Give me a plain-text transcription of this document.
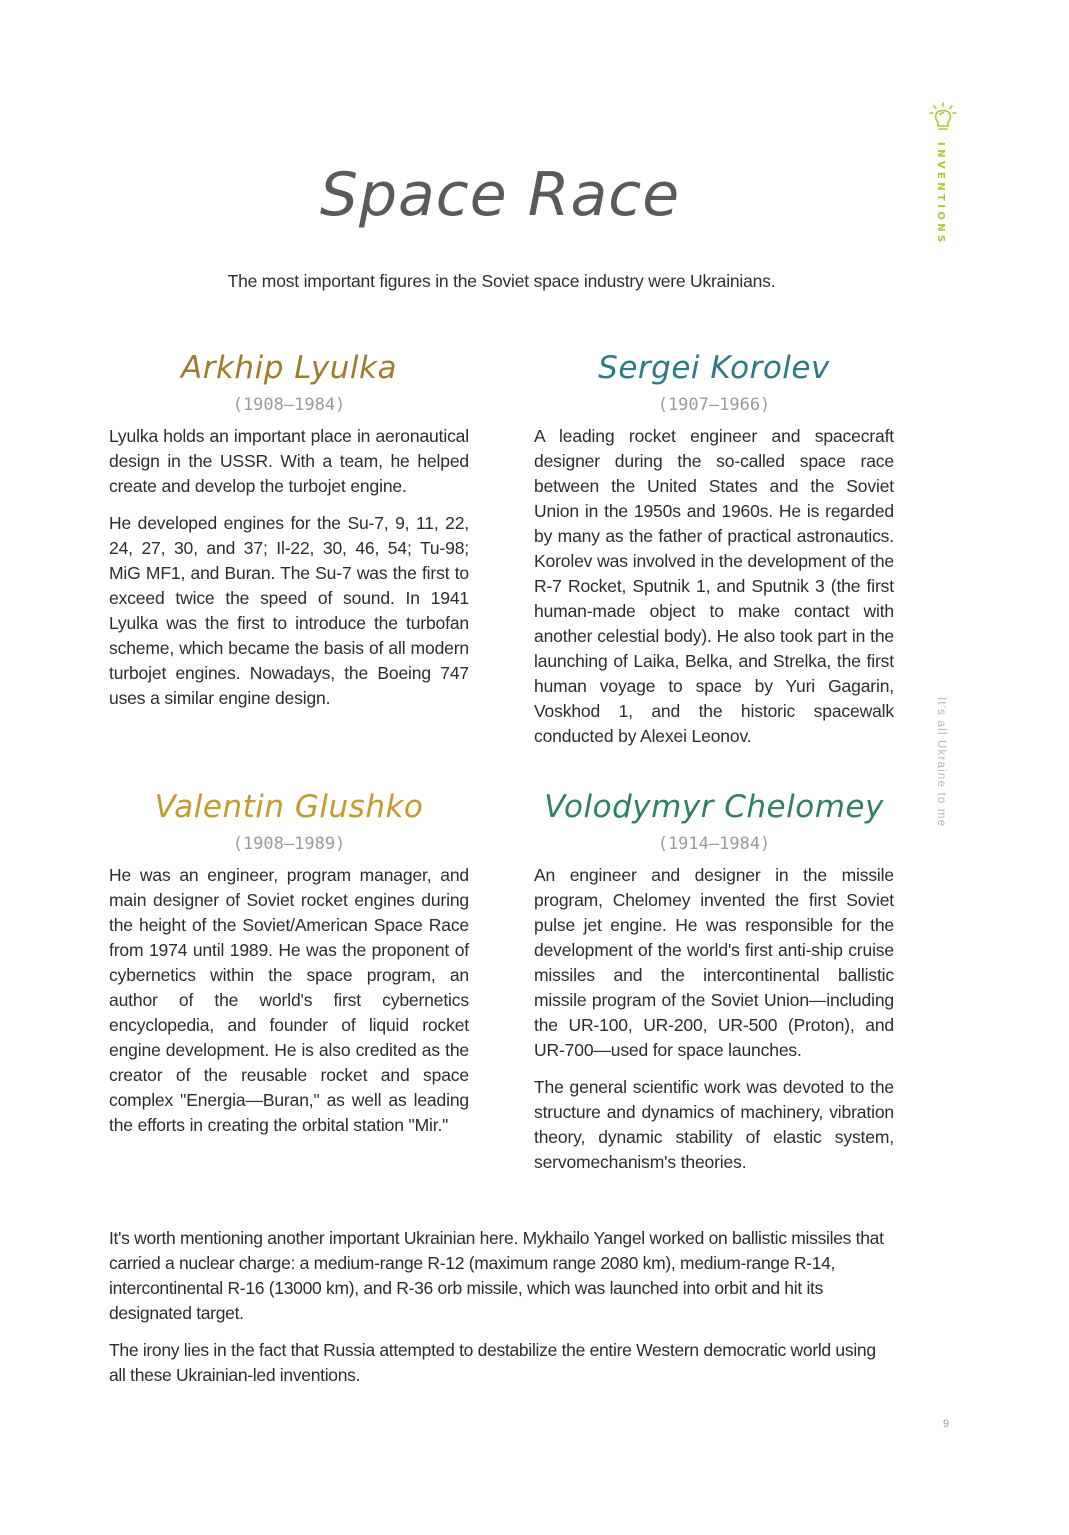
INVENTIONS
It's all Ukraine to me
Space Race
The most important figures in the Soviet space industry were Ukrainians.
Arkhip Lyulka
(1908–1984)

Lyulka holds an important place in aeronautical design in the USSR. With a team, he helped create and develop the turbojet engine.

He developed engines for the Su-7, 9, 11, 22, 24, 27, 30, and 37; Il-22, 30, 46, 54; Tu-98; MiG MF1, and Buran. The Su-7 was the first to exceed twice the speed of sound. In 1941 Lyulka was the first to introduce the turbofan scheme, which became the basis of all modern turbojet engines. Nowadays, the Boeing 747 uses a similar engine design.

Sergei Korolev
(1907–1966)

A leading rocket engineer and spacecraft designer during the so-called space race between the United States and the Soviet Union in the 1950s and 1960s. He is regarded by many as the father of practical astronautics. Korolev was involved in the development of the R-7 Rocket, Sputnik 1, and Sputnik 3 (the first human-made object to make contact with another celestial body). He also took part in the launching of Laika, Belka, and Strelka, the first human voyage to space by Yuri Gagarin, Voskhod 1, and the historic spacewalk conducted by Alexei Leonov.

Valentin Glushko
(1908–1989)

He was an engineer, program manager, and main designer of Soviet rocket engines during the height of the Soviet/American Space Race from 1974 until 1989. He was the proponent of cybernetics within the space program, an author of the world's first cybernetics encyclopedia, and founder of liquid rocket engine development. He is also credited as the creator of the reusable rocket and space complex "Energia—Buran," as well as leading the efforts in creating the orbital station "Mir."

Volodymyr Chelomey
(1914–1984)

An engineer and designer in the missile program, Chelomey invented the first Soviet pulse jet engine. He was responsible for the development of the world's first anti-ship cruise missiles and the intercontinental ballistic missile program of the Soviet Union—including the UR-100, UR-200, UR-500 (Proton), and UR-700—used for space launches.

The general scientific work was devoted to the structure and dynamics of machinery, vibration theory, dynamic stability of elastic system, servomechanism's theories.

It's worth mentioning another important Ukrainian here. Mykhailo Yangel worked on ballistic missiles that carried a nuclear charge: a medium-range R-12 (maximum range 2080 km), medium-range R-14, intercontinental R-16 (13000 km), and R-36 orb missile, which was launched into orbit and hit its designated target.

The irony lies in the fact that Russia attempted to destabilize the entire Western democratic world using all these Ukrainian-led inventions.

9
